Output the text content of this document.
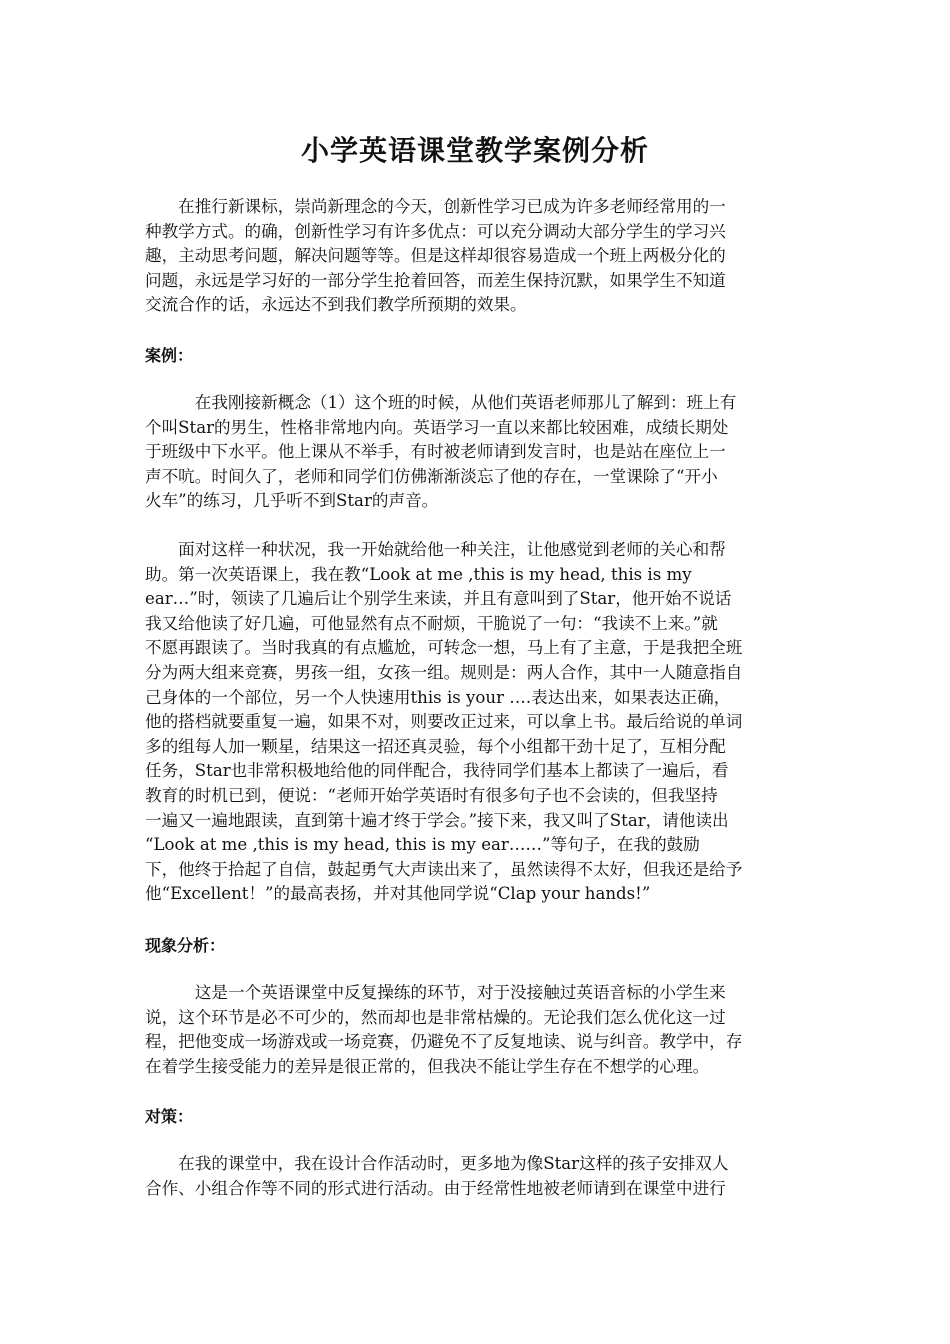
小学英语课堂教学案例分析

　　在推行新课标，崇尚新理念的今天，创新性学习已成为许多老师经常用的一
种教学方式。的确，创新性学习有许多优点：可以充分调动大部分学生的学习兴
趣，主动思考问题，解决问题等等。但是这样却很容易造成一个班上两极分化的
问题，永远是学习好的一部分学生抢着回答，而差生保持沉默，如果学生不知道
交流合作的话，永远达不到我们教学所预期的效果。

案例：

　　　在我刚接新概念（1）这个班的时候，从他们英语老师那儿了解到：班上有
个叫Star的男生，性格非常地内向。英语学习一直以来都比较困难，成绩长期处
于班级中下水平。他上课从不举手，有时被老师请到发言时，也是站在座位上一
声不吭。时间久了，老师和同学们仿佛渐渐淡忘了他的存在，一堂课除了“开小
火车”的练习，几乎听不到Star的声音。

　　面对这样一种状况，我一开始就给他一种关注，让他感觉到老师的关心和帮
助。第一次英语课上，我在教“Look at me ,this is my head, this is my
ear…”时，领读了几遍后让个别学生来读，并且有意叫到了Star，他开始不说话
我又给他读了好几遍，可他显然有点不耐烦，干脆说了一句：“我读不上来。”就
不愿再跟读了。当时我真的有点尴尬，可转念一想，马上有了主意，于是我把全班
分为两大组来竞赛，男孩一组，女孩一组。规则是：两人合作，其中一人随意指自
己身体的一个部位，另一个人快速用this is your ….表达出来，如果表达正确，
他的搭档就要重复一遍，如果不对，则要改正过来，可以拿上书。最后给说的单词
多的组每人加一颗星，结果这一招还真灵验，每个小组都干劲十足了，互相分配
任务，Star也非常积极地给他的同伴配合，我待同学们基本上都读了一遍后，看
教育的时机已到，便说：“老师开始学英语时有很多句子也不会读的，但我坚持
一遍又一遍地跟读，直到第十遍才终于学会。”接下来，我又叫了Star，请他读出
“Look at me ,this is my head, this is my ear……”等句子，在我的鼓励
下，他终于拾起了自信，鼓起勇气大声读出来了，虽然读得不太好，但我还是给予
他“Excellent！”的最高表扬，并对其他同学说“Clap your hands!”

现象分析：

　　　这是一个英语课堂中反复操练的环节，对于没接触过英语音标的小学生来
说，这个环节是必不可少的，然而却也是非常枯燥的。无论我们怎么优化这一过
程，把他变成一场游戏或一场竞赛，仍避免不了反复地读、说与纠音。教学中，存
在着学生接受能力的差异是很正常的，但我决不能让学生存在不想学的心理。

对策：

　　在我的课堂中，我在设计合作活动时，更多地为像Star这样的孩子安排双人
合作、小组合作等不同的形式进行活动。由于经常性地被老师请到在课堂中进行
